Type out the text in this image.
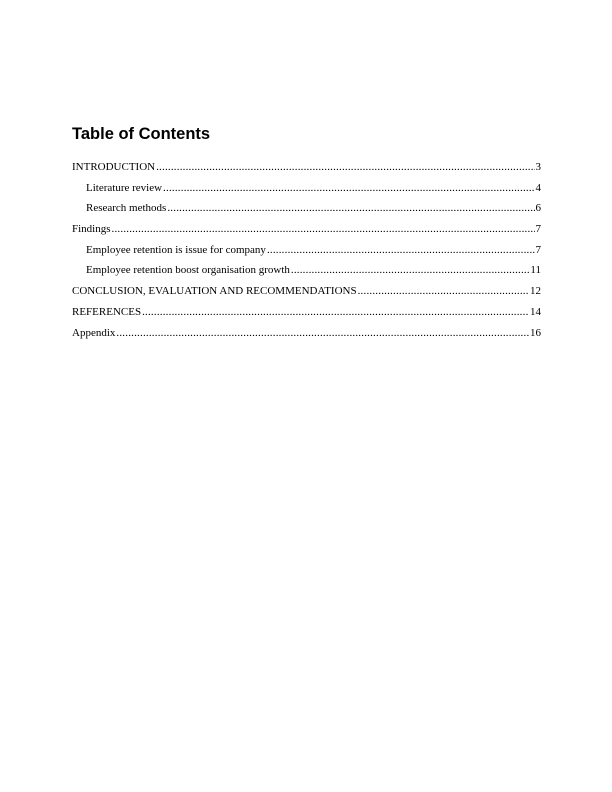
Table of Contents
INTRODUCTION .....	3
Literature review .....	4
Research methods .....	6
Findings .....	7
Employee retention is issue for company .....	7
Employee retention boost organisation growth .....	11
CONCLUSION, EVALUATION AND RECOMMENDATIONS .....	12
REFERENCES .....	14
Appendix .....	16
